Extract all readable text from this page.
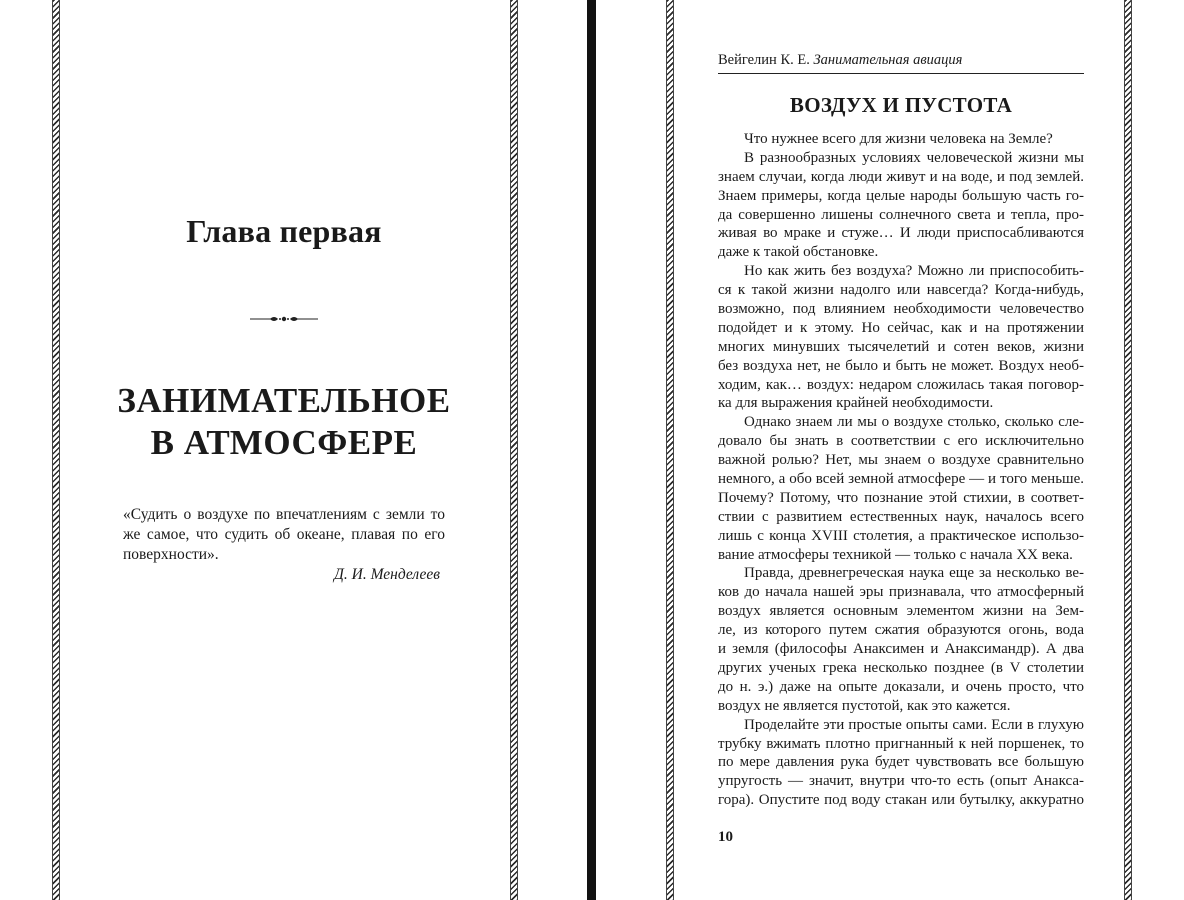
Глава первая
ЗАНИМАТЕЛЬНОЕ
В АТМОСФЕРЕ
«Судить о воздухе по впечатлениям с земли то
же самое, что судить об океане, плавая по его
поверхности».
Д. И. Менделеев
Вейгелин К. Е. Занимательная авиация
ВОЗДУХ И ПУСТОТА
Что нужнее всего для жизни человека на Земле?
В разнообразных условиях человеческой жизни мы
знаем случаи, когда люди живут и на воде, и под землей.
Знаем примеры, когда целые народы большую часть го-
да совершенно лишены солнечного света и тепла, про-
живая во мраке и стуже… И люди приспосабливаются
даже к такой обстановке.
Но как жить без воздуха? Можно ли приспособить-
ся к такой жизни надолго или навсегда? Когда-нибудь,
возможно, под влиянием необходимости человечество
подойдет и к этому. Но сейчас, как и на протяжении
многих минувших тысячелетий и сотен веков, жизни
без воздуха нет, не было и быть не может. Воздух необ-
ходим, как… воздух: недаром сложилась такая поговор-
ка для выражения крайней необходимости.
Однако знаем ли мы о воздухе столько, сколько сле-
довало бы знать в соответствии с его исключительно
важной ролью? Нет, мы знаем о воздухе сравнительно
немного, а обо всей земной атмосфере — и того меньше.
Почему? Потому, что познание этой стихии, в соответ-
ствии с развитием естественных наук, началось всего
лишь с конца XVIII столетия, а практическое использо-
вание атмосферы техникой — только с начала XX века.
Правда, древнегреческая наука еще за несколько ве-
ков до начала нашей эры признавала, что атмосферный
воздух является основным элементом жизни на Зем-
ле, из которого путем сжатия образуются огонь, вода
и земля (философы Анаксимен и Анаксимандр). А два
других ученых грека несколько позднее (в V столетии
до н. э.) даже на опыте доказали, и очень просто, что
воздух не является пустотой, как это кажется.
Проделайте эти простые опыты сами. Если в глухую
трубку вжимать плотно пригнанный к ней поршенек, то
по мере давления рука будет чувствовать все большую
упругость — значит, внутри что-то есть (опыт Анакса-
гора). Опустите под воду стакан или бутылку, аккуратно
10
